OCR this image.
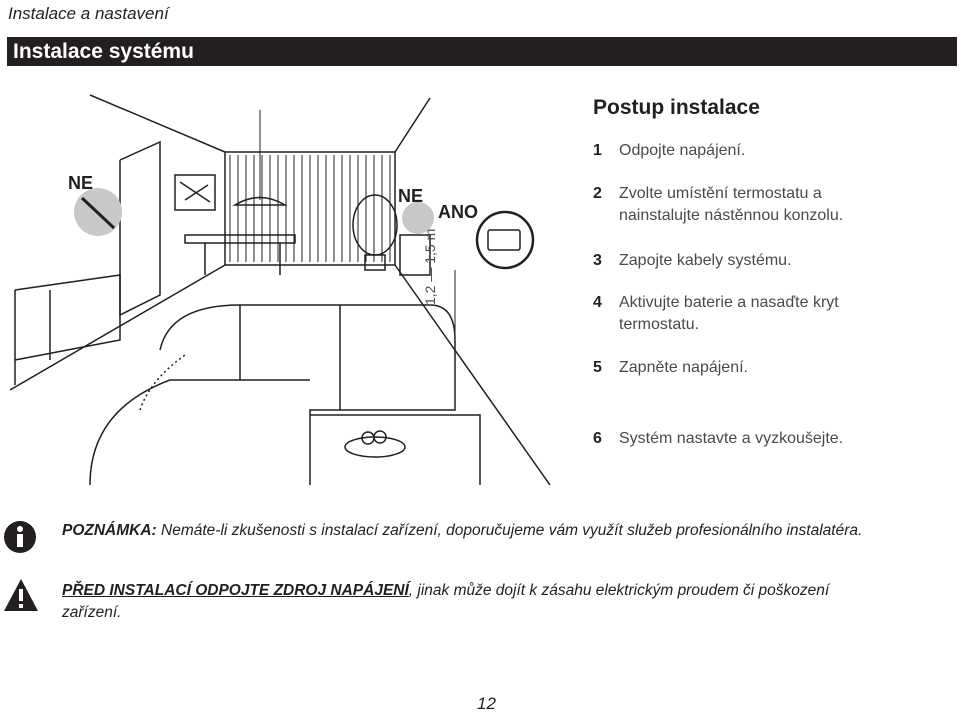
Instalace a nastavení
Instalace systému
NE
NE
ANO
1,2 — 1,5 m
Postup instalace
1 Odpojte napájení.
2 Zvolte umístění termostatu a nainstalujte nástěnnou konzolu.
3 Zapojte kabely systému.
4 Aktivujte baterie a nasaďte kryt termostatu.
5 Zapněte napájení.
6 Systém nastavte a vyzkoušejte.
POZNÁMKA: Nemáte-li zkušenosti s instalací zařízení, doporučujeme vám využít služeb profesionálního instalatéra.
PŘED INSTALACÍ ODPOJTE ZDROJ NAPÁJENÍ, jinak může dojít k zásahu elektrickým proudem či poškození zařízení.
12
